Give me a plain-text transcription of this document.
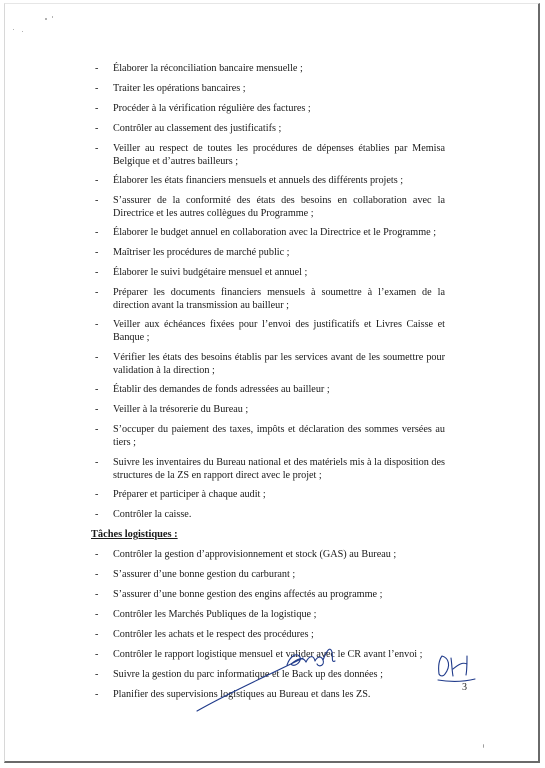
- Élaborer la réconciliation bancaire mensuelle ;
- Traiter les opérations bancaires ;
- Procéder à la vérification régulière des factures ;
- Contrôler au classement des justificatifs ;
- Veiller au respect de toutes les procédures de dépenses établies par Memisa Belgique et d’autres bailleurs ;
- Élaborer les états financiers mensuels et annuels des différents projets ;
- S’assurer de la conformité des états des besoins en collaboration avec la Directrice et les autres collègues du Programme ;
- Élaborer le budget annuel en collaboration avec la Directrice et le Programme ;
- Maîtriser les procédures de marché public ;
- Élaborer le suivi budgétaire mensuel et annuel ;
- Préparer les documents financiers mensuels à soumettre à l’examen de la direction avant la transmission au bailleur ;
- Veiller aux échéances fixées pour l’envoi des justificatifs et Livres Caisse et Banque ;
- Vérifier les états des besoins établis par les services avant de les soumettre pour validation à la direction ;
- Établir des demandes de fonds adressées au bailleur ;
- Veiller à la trésorerie du Bureau ;
- S’occuper du paiement des taxes, impôts et déclaration des sommes versées au tiers ;
- Suivre les inventaires du Bureau national et des matériels mis à la disposition des structures de la ZS en rapport direct avec le projet ;
- Préparer et participer à chaque audit ;
- Contrôler la caisse.
Tâches logistiques :
- Contrôler la gestion d’approvisionnement et stock (GAS) au Bureau ;
- S’assurer d’une bonne gestion du carburant ;
- S’assurer d’une bonne gestion des engins affectés au programme ;
- Contrôler les Marchés Publiques de la logistique ;
- Contrôler les achats et le respect des procédures ;
- Contrôler le rapport logistique mensuel et valider avec le CR avant l’envoi ;
- Suivre la gestion du parc informatique et le Back up des données ;
- Planifier des supervisions logistiques au Bureau et dans les ZS.
3
